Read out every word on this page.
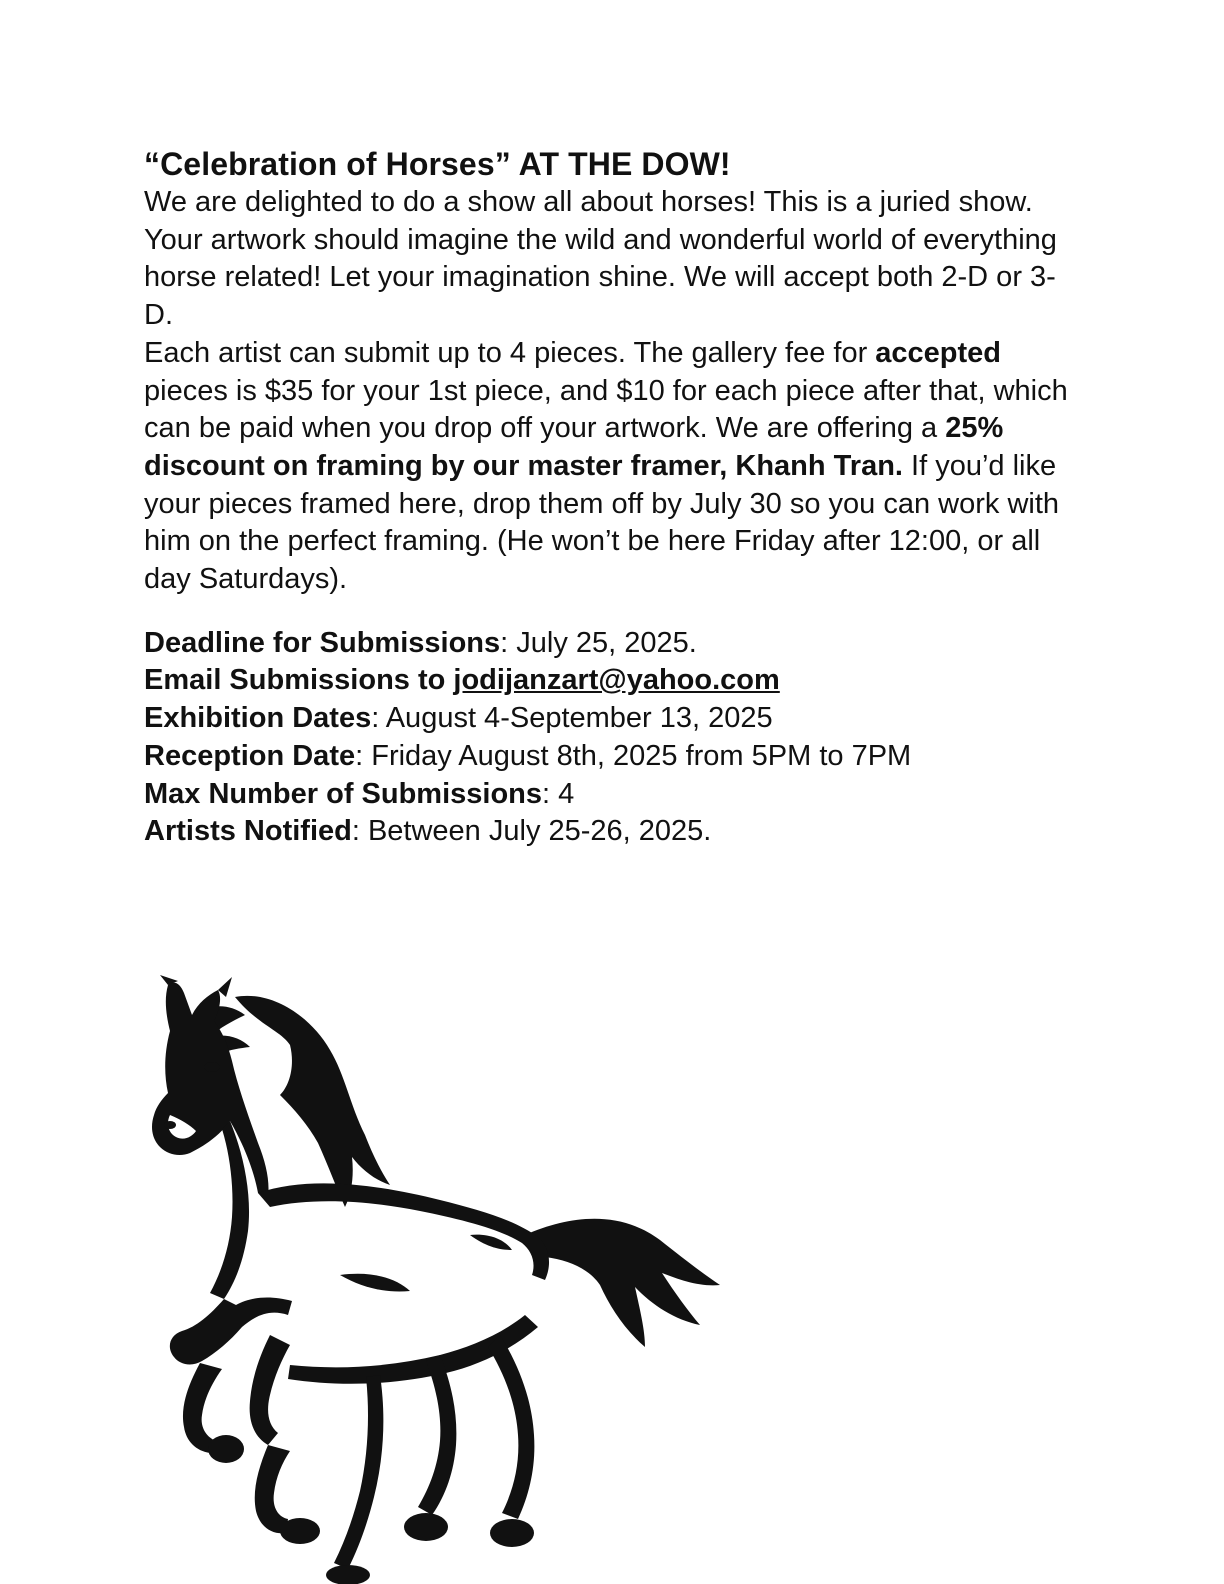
“Celebration of Horses” AT THE DOW!

We are delighted to do a show all about horses! This is a juried show. Your artwork should imagine the wild and wonderful world of everything horse related! Let your imagination shine. We will accept both 2-D or 3-D.

Each artist can submit up to 4 pieces. The gallery fee for accepted pieces is $35 for your 1st piece, and $10 for each piece after that, which can be paid when you drop off your artwork. We are offering a 25% discount on framing by our master framer, Khanh Tran. If you’d like your pieces framed here, drop them off by July 30 so you can work with him on the perfect framing. (He won’t be here Friday after 12:00, or all day Saturdays).

Deadline for Submissions: July 25, 2025.

Email Submissions to jodijanzart@yahoo.com

Exhibition Dates: August 4-September 13, 2025

Reception Date: Friday August 8th, 2025 from 5PM to 7PM

Max Number of Submissions: 4

Artists Notified: Between July 25-26, 2025.
